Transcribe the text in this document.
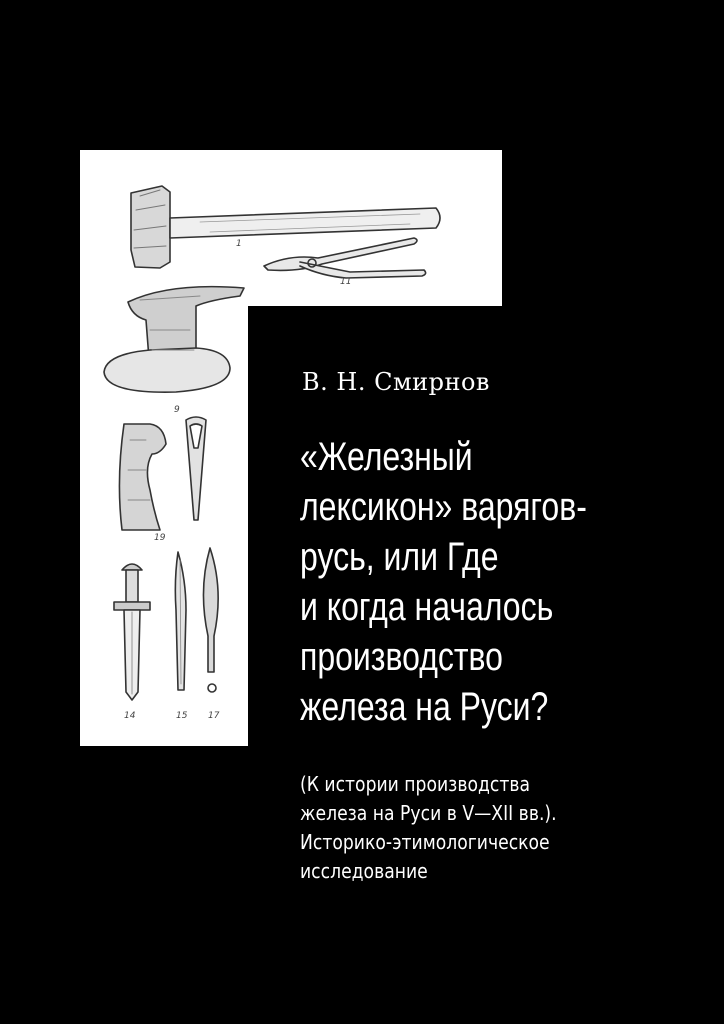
1
11
9
19
14	15 17
В. Н. Смирнов
«Железный
лексикон» варягов-
русь, или Где
и когда началось
производство
железа на Руси?
(К истории производства
железа на Руси в V—XII вв.).
Историко-этимологическое
исследование
